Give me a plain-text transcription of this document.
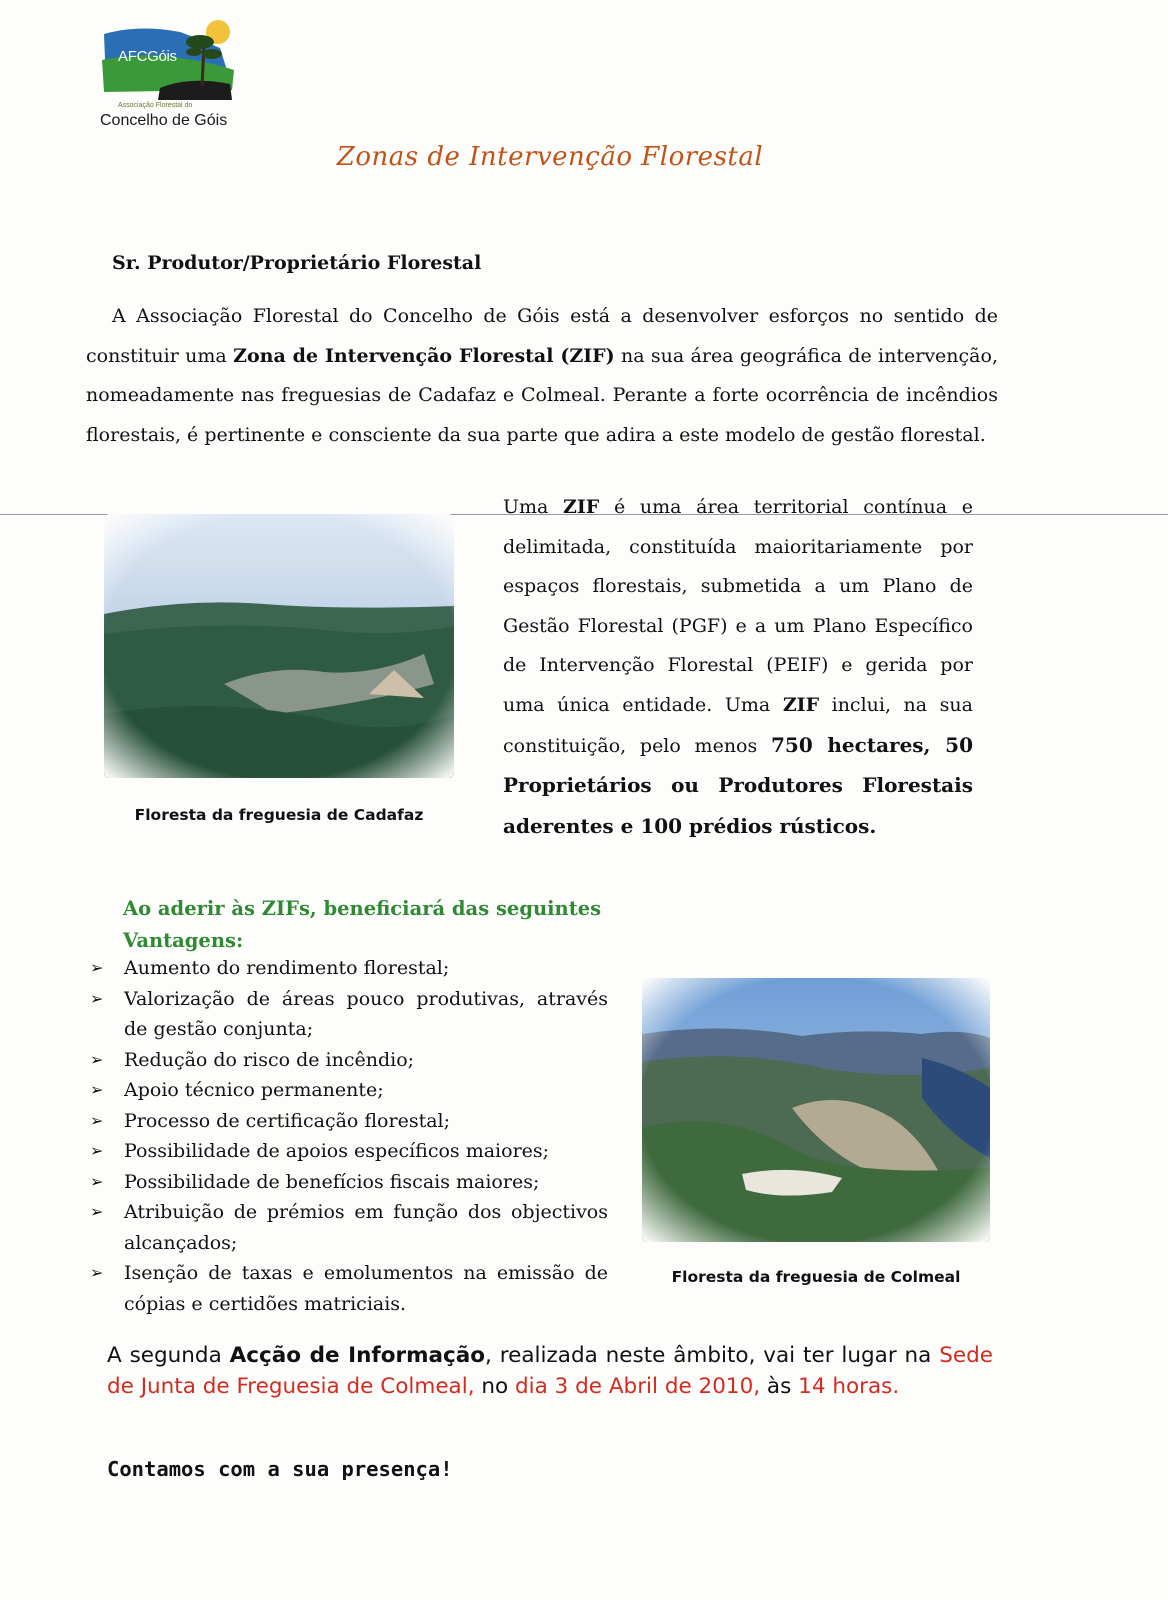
AFCGóis
Associação Florestal do
Concelho de Góis
Zonas de Intervenção Florestal
Sr. Produtor/Proprietário Florestal
A Associação Florestal do Concelho de Góis está a desenvolver esforços no sentido de constituir uma Zona de Intervenção Florestal (ZIF) na sua área geográfica de intervenção, nomeadamente nas freguesias de Cadafaz e Colmeal. Perante a forte ocorrência de incêndios florestais, é pertinente e consciente da sua parte que adira a este modelo de gestão florestal.
Floresta da freguesia de Cadafaz
Uma ZIF é uma área territorial contínua e delimitada, constituída maioritariamente por espaços florestais, submetida a um Plano de Gestão Florestal (PGF) e a um Plano Específico de Intervenção Florestal (PEIF) e gerida por uma única entidade. Uma ZIF inclui, na sua constituição, pelo menos 750 hectares, 50 Proprietários ou Produtores Florestais aderentes e 100 prédios rústicos.
Ao aderir às ZIFs, beneficiará das seguintes Vantagens:
➢ Aumento do rendimento florestal;
➢ Valorização de áreas pouco produtivas, através de gestão conjunta;
➢ Redução do risco de incêndio;
➢ Apoio técnico permanente;
➢ Processo de certificação florestal;
➢ Possibilidade de apoios específicos maiores;
➢ Possibilidade de benefícios fiscais maiores;
➢ Atribuição de prémios em função dos objectivos alcançados;
➢ Isenção de taxas e emolumentos na emissão de cópias e certidões matriciais.
Floresta da freguesia de Colmeal
A segunda Acção de Informação, realizada neste âmbito, vai ter lugar na Sede de Junta de Freguesia de Colmeal, no dia 3 de Abril de 2010, às 14 horas.
Contamos com a sua presença!
